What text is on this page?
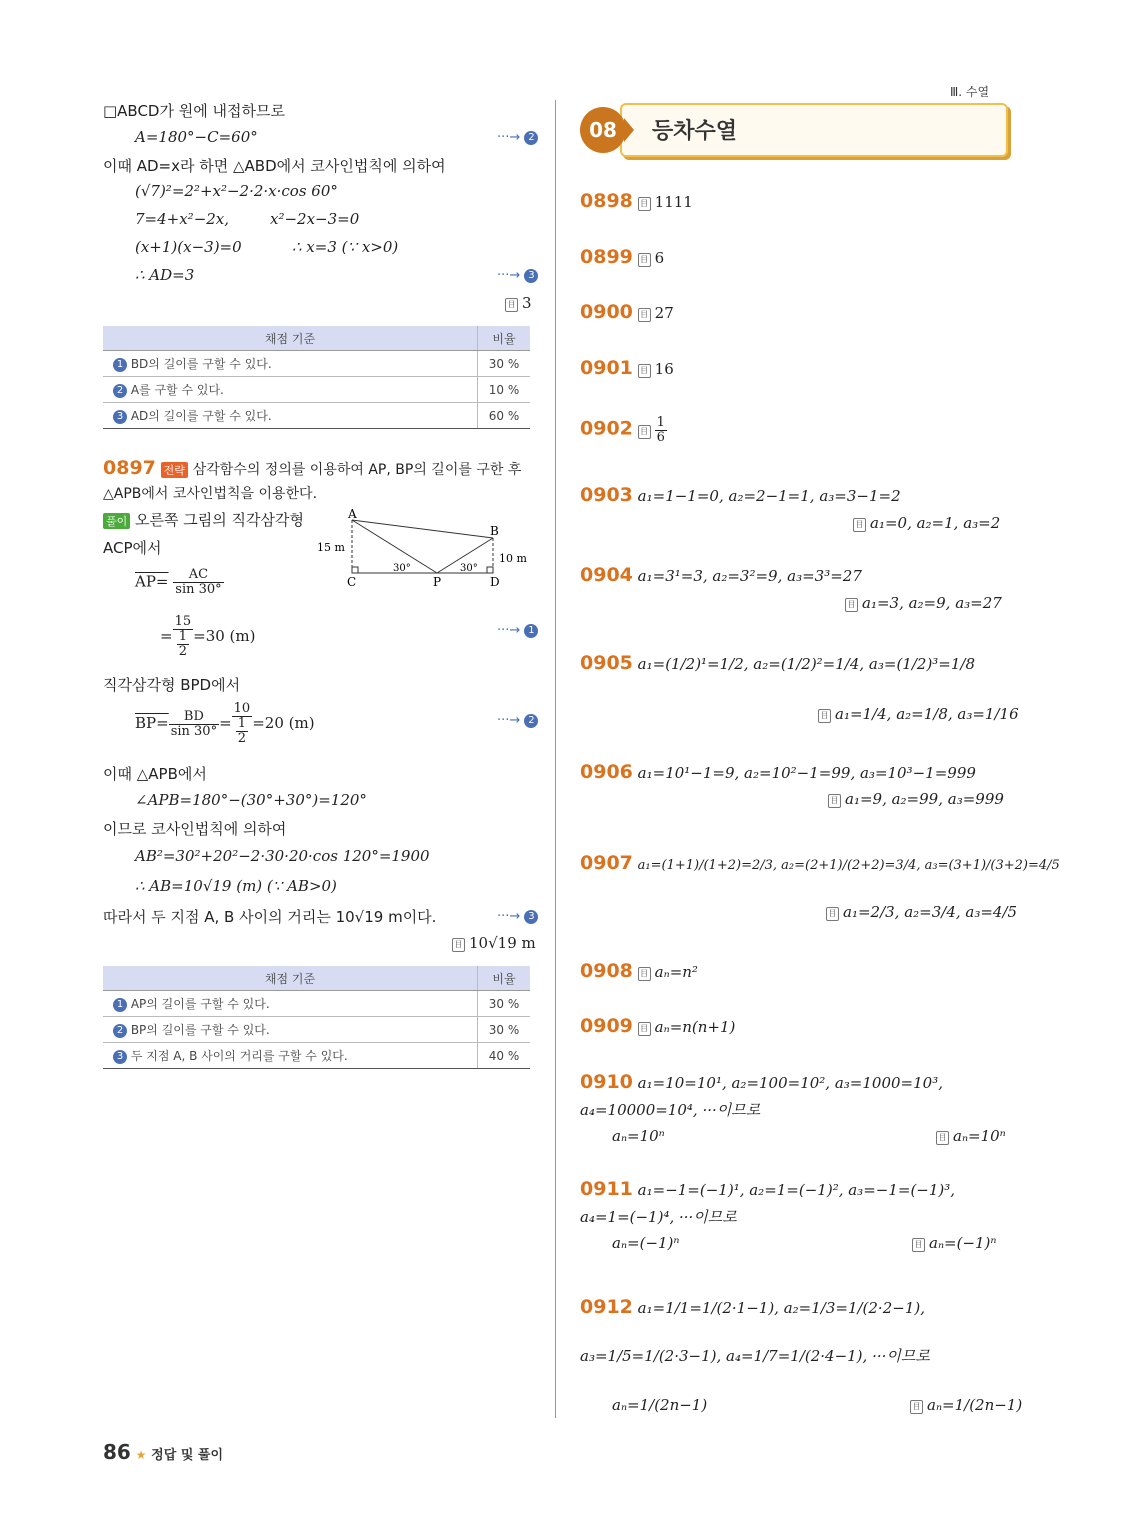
Ⅲ. 수열
08	등차수열
□ABCD가 원에 내접하므로
A=180°−C=60°	···→ 2
이때 AD=x라 하면 △ABD에서 코사인법칙에 의하여
(√7)²=2²+x²−2·2·x·cos 60°
7=4+x²−2x,	x²−2x−3=0
(x+1)(x−3)=0	∴ x=3 (∵ x>0)
∴ AD=3	···→ 3
目 3
채점 기준	비율
1 BD의 길이를 구할 수 있다.	30 %
2 A를 구할 수 있다.	10 %
3 AD의 길이를 구할 수 있다.	60 %
0897 전략 삼각함수의 정의를 이용하여 AP, BP의 길이를 구한 후
△APB에서 코사인법칙을 이용한다.
풀이 오른쪽 그림의 직각삼각형
ACP에서
A
B
C	P	D
15 m
10 m
30°	30°
$AP= \frac{AC}{\sin 30^\circ}$
= $\frac{15}{\frac{1}{2}} =30$ (m)	···→ 1
직각삼각형 BPD에서
$BP= \frac{BD}{\sin 30^\circ} = \frac{10}{\frac{1}{2}} =20$ (m)	···→ 2
이때 △APB에서
∠APB=180°−(30°+30°)=120°
이므로 코사인법칙에 의하여
AB²=30²+20²−2·30·20·cos 120°=1900
∴ AB=10√19 (m) (∵ AB>0)
따라서 두 지점 A, B 사이의 거리는 10√19 m이다.	···→ 3
目 10√19 m
채점 기준	비율
1 AP의 길이를 구할 수 있다.	30 %
2 BP의 길이를 구할 수 있다.	30 %
3 두 지점 A, B 사이의 거리를 구할 수 있다.	40 %
0898 目 1111
0899 目 6
0900 目 27
0901 目 16
0902 目 $\frac{1}{6}$
0903 a₁=1−1=0, a₂=2−1=1, a₃=3−1=2
目 a₁=0, a₂=1, a₃=2
0904 a₁=3¹=3, a₂=3²=9, a₃=3³=27
目 a₁=3, a₂=9, a₃=27
0905 a₁=(1/2)¹=1/2, a₂=(1/2)²=1/4, a₃=(1/2)³=1/8
目 a₁=1/4, a₂=1/8, a₃=1/16
0906 a₁=10¹−1=9, a₂=10²−1=99, a₃=10³−1=999
目 a₁=9, a₂=99, a₃=999
0907 a₁=(1+1)/(1+2)=2/3, a₂=(2+1)/(2+2)=3/4, a₃=(3+1)/(3+2)=4/5
目 a₁=2/3, a₂=3/4, a₃=4/5
0908 目 aₙ=n²
0909 目 aₙ=n(n+1)
0910 a₁=10=10¹, a₂=100=10², a₃=1000=10³,
a₄=10000=10⁴, ···이므로
aₙ=10ⁿ	目 aₙ=10ⁿ
0911 a₁=−1=(−1)¹, a₂=1=(−1)², a₃=−1=(−1)³,
a₄=1=(−1)⁴, ···이므로
aₙ=(−1)ⁿ	目 aₙ=(−1)ⁿ
0912 a₁=1/1=1/(2·1−1), a₂=1/3=1/(2·2−1),
a₃=1/5=1/(2·3−1), a₄=1/7=1/(2·4−1), ···이므로
aₙ=1/(2n−1)	目 aₙ=1/(2n−1)
86 ★ 정답 및 풀이
